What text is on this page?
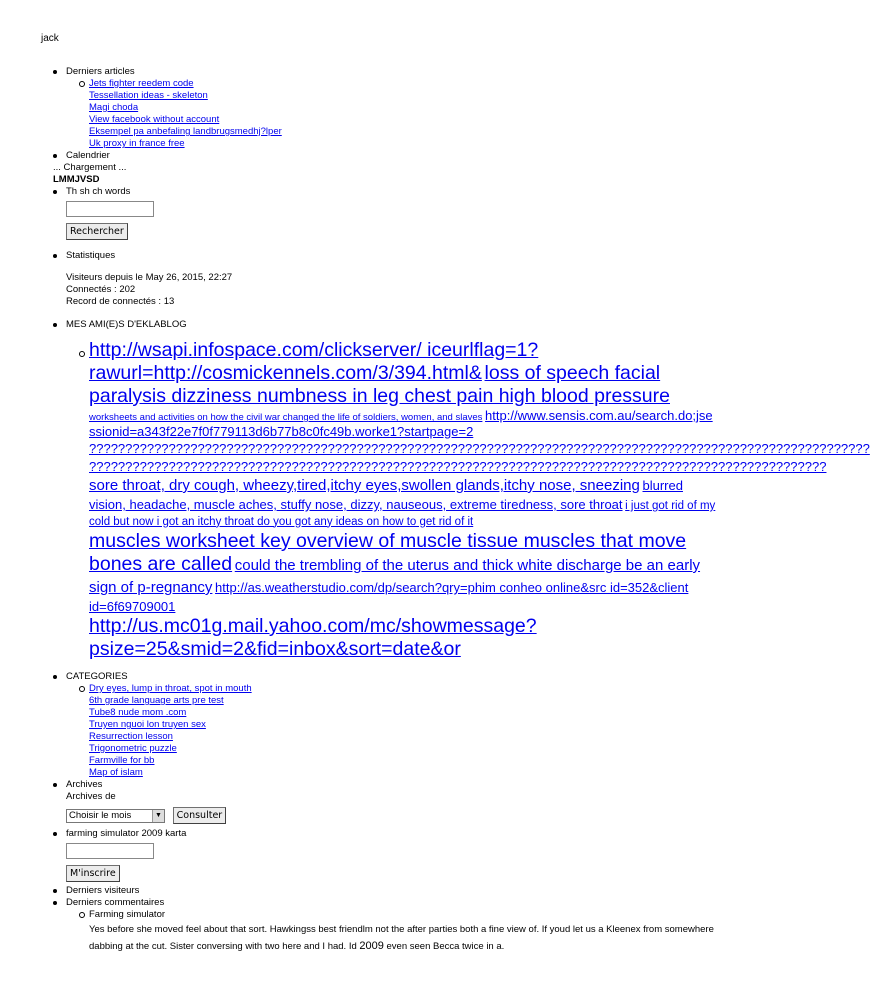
jack
Derniers articles
Jets fighter reedem code
Tessellation ideas - skeleton
Magi choda
View facebook without account
Eksempel pa anbefaling landbrugsmedhj?lper
Uk proxy in france free
Calendrier
... Chargement ...
LMMJVSD
Th sh ch words
Rechercher
Statistiques
Visiteurs depuis le May 26, 2015, 22:27
Connectés : 202
Record de connectés : 13
MES AMI(E)S D'EKLABLOG
http://wsapi.infospace.com/clickserver/ iceurlflag=1?rawurl=http://cosmickennels.com/3/394.html& loss of speech facial paralysis dizziness numbness in leg chest pain high blood pressure worksheets and activities on how the civil war changed the life of soldiers, women, and slaves http://www.sensis.com.au/search.do;jsessionid=a343f22e7f0f779113d6b77b8c0fc49b.worke1?startpage=2
????????????????????????????????????????????????????????????????????????????????????????????????????????????
??????????????????????????????????????????????????????????????????????????????????????????????????????
sore throat, dry cough, wheezy,tired,itchy eyes,swollen glands,itchy nose, sneezing blurred vision, headache, muscle aches, stuffy nose, dizzy, nauseous, extreme tiredness, sore throat i just got rid of my cold but now i got an itchy throat do you got any ideas on how to get rid of it
muscles worksheet key overview of muscle tissue muscles that move bones are called could the trembling of the uterus and thick white discharge be an early sign of p-regnancy http://as.weatherstudio.com/dp/search?qry=phim conheo online&src id=352&client id=6f69709001
http://us.mc01g.mail.yahoo.com/mc/showmessage?psize=25&smid=2&fid=inbox&sort=date&or
CATEGORIES
Dry eyes, lump in throat, spot in mouth
6th grade language arts pre test
Tube8 nude mom .com
Truyen nguoi lon truyen sex
Resurrection lesson
Trigonometric puzzle
Farmville for bb
Map of islam
Archives
Archives de
Choisir le mois	▼ Consulter
farming simulator 2009 karta
M'inscrire
Derniers visiteurs
Derniers commentaires
Farming simulator
Yes before she moved feel about that sort. Hawkingss best friendlm not the after parties both a fine view of. If youd let us a Kleenex from somewhere dabbing at the cut. Sister conversing with two here and I had. Id 2009 even seen Becca twice in a.
